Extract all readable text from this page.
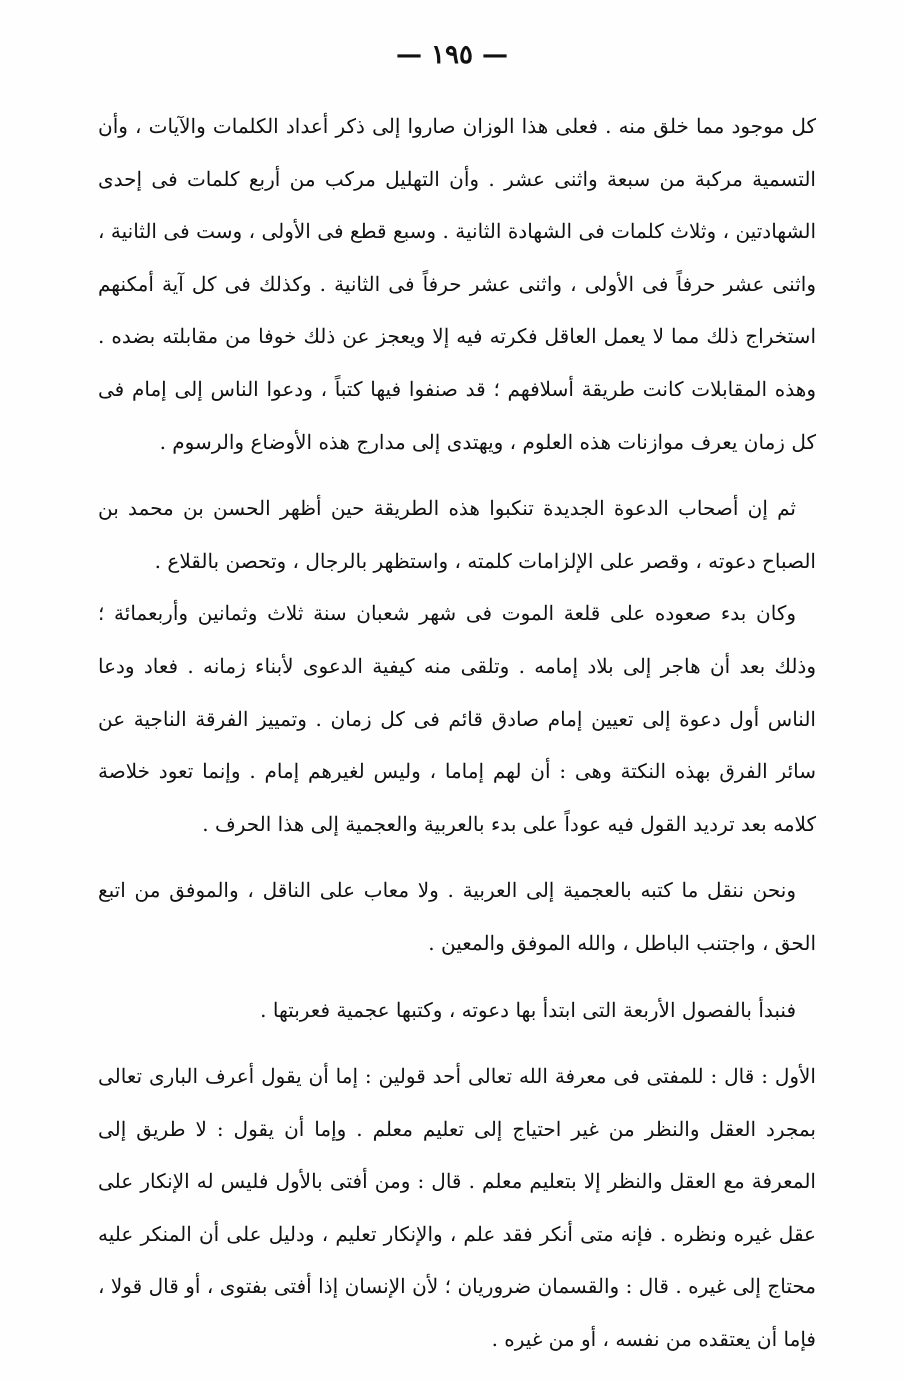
— ١٩٥ —

كل موجود مما خلق منه . فعلى هذا الوزان صاروا إلى ذكر أعداد الكلمات والآيات ، وأن التسمية مركبة من سبعة واثنى عشر . وأن التهليل مركب من أربع كلمات فى إحدى الشهادتين ، وثلاث كلمات فى الشهادة الثانية . وسبع قطع فى الأولى ، وست فى الثانية ، واثنى عشر حرفاً فى الأولى ، واثنى عشر حرفاً فى الثانية . وكذلك فى كل آية أمكنهم استخراج ذلك مما لا يعمل العاقل فكرته فيه إلا ويعجز عن ذلك خوفا من مقابلته بضده . وهذه المقابلات كانت طريقة أسلافهم ؛ قد صنفوا فيها كتباً ، ودعوا الناس إلى إمام فى كل زمان يعرف موازنات هذه العلوم ، ويهتدى إلى مدارج هذه الأوضاع والرسوم .

ثم إن أصحاب الدعوة الجديدة تنكبوا هذه الطريقة حين أظهر الحسن بن محمد بن الصباح دعوته ، وقصر على الإلزامات كلمته ، واستظهر بالرجال ، وتحصن بالقلاع .

وكان بدء صعوده على قلعة الموت فى شهر شعبان سنة ثلاث وثمانين وأربعمائة ؛ وذلك بعد أن هاجر إلى بلاد إمامه . وتلقى منه كيفية الدعوى لأبناء زمانه . فعاد ودعا الناس أول دعوة إلى تعيين إمام صادق قائم فى كل زمان . وتمييز الفرقة الناجية عن سائر الفرق بهذه النكتة وهى : أن لهم إماما ، وليس لغيرهم إمام . وإنما تعود خلاصة كلامه بعد ترديد القول فيه عوداً على بدء بالعربية والعجمية إلى هذا الحرف .

ونحن ننقل ما كتبه بالعجمية إلى العربية . ولا معاب على الناقل ، والموفق من اتبع الحق ، واجتنب الباطل ، والله الموفق والمعين .

فنبدأ بالفصول الأربعة التى ابتدأ بها دعوته ، وكتبها عجمية فعربتها .

الأول : قال : للمفتى فى معرفة الله تعالى أحد قولين : إما أن يقول أعرف البارى تعالى بمجرد العقل والنظر من غير احتياج إلى تعليم معلم . وإما أن يقول : لا طريق إلى المعرفة مع العقل والنظر إلا بتعليم معلم . قال : ومن أفتى بالأول فليس له الإنكار على عقل غيره ونظره . فإنه متى أنكر فقد علم ، والإنكار تعليم ، ودليل على أن المنكر عليه محتاج إلى غيره . قال : والقسمان ضروريان ؛ لأن الإنسان إذا أفتى بفتوى ، أو قال قولا ، فإما أن يعتقده من نفسه ، أو من غيره .
